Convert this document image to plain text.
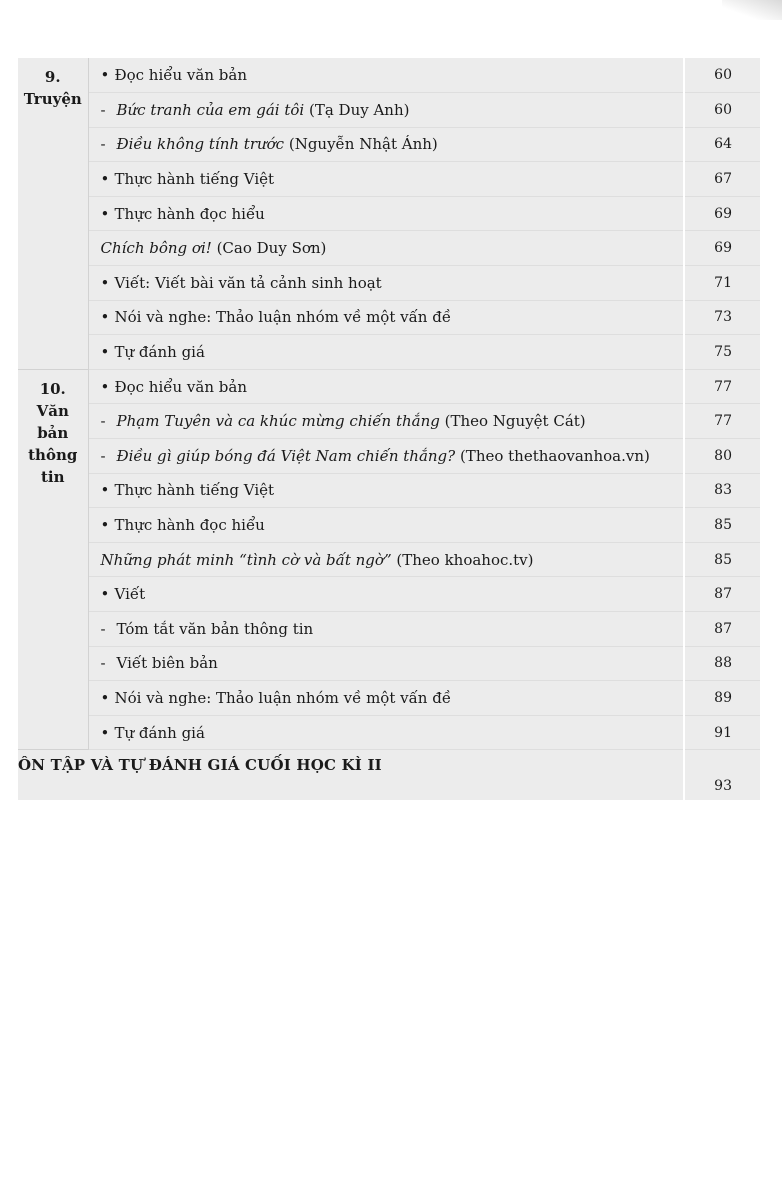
9.
Truyện	• Đọc hiểu văn bản	60
	-Bức tranh của em gái tôi (Tạ Duy Anh)	60
	-Điều không tính trước (Nguyễn Nhật Ánh)	64
	• Thực hành tiếng Việt	67
	• Thực hành đọc hiểu	69
	Chích bông ơi! (Cao Duy Sơn)	69
	• Viết: Viết bài văn tả cảnh sinh hoạt	71
	• Nói và nghe: Thảo luận nhóm về một vấn đề	73
	• Tự đánh giá	75

10.
Văn
bản
thông
tin	• Đọc hiểu văn bản	77
	-Phạm Tuyên và ca khúc mừng chiến thắng (Theo Nguyệt Cát)	77
	-Điều gì giúp bóng đá Việt Nam chiến thắng? (Theo thethaovanhoa.vn)	80
	• Thực hành tiếng Việt	83
	• Thực hành đọc hiểu	85
	Những phát minh “tình cờ và bất ngờ” (Theo khoahoc.tv)	85
	• Viết	87
	-Tóm tắt văn bản thông tin	87
	-Viết biên bản	88
	• Nói và nghe: Thảo luận nhóm về một vấn đề	89
	• Tự đánh giá	91
ÔN TẬP VÀ TỰ ĐÁNH GIÁ CUỐI HỌC KÌ II		93
